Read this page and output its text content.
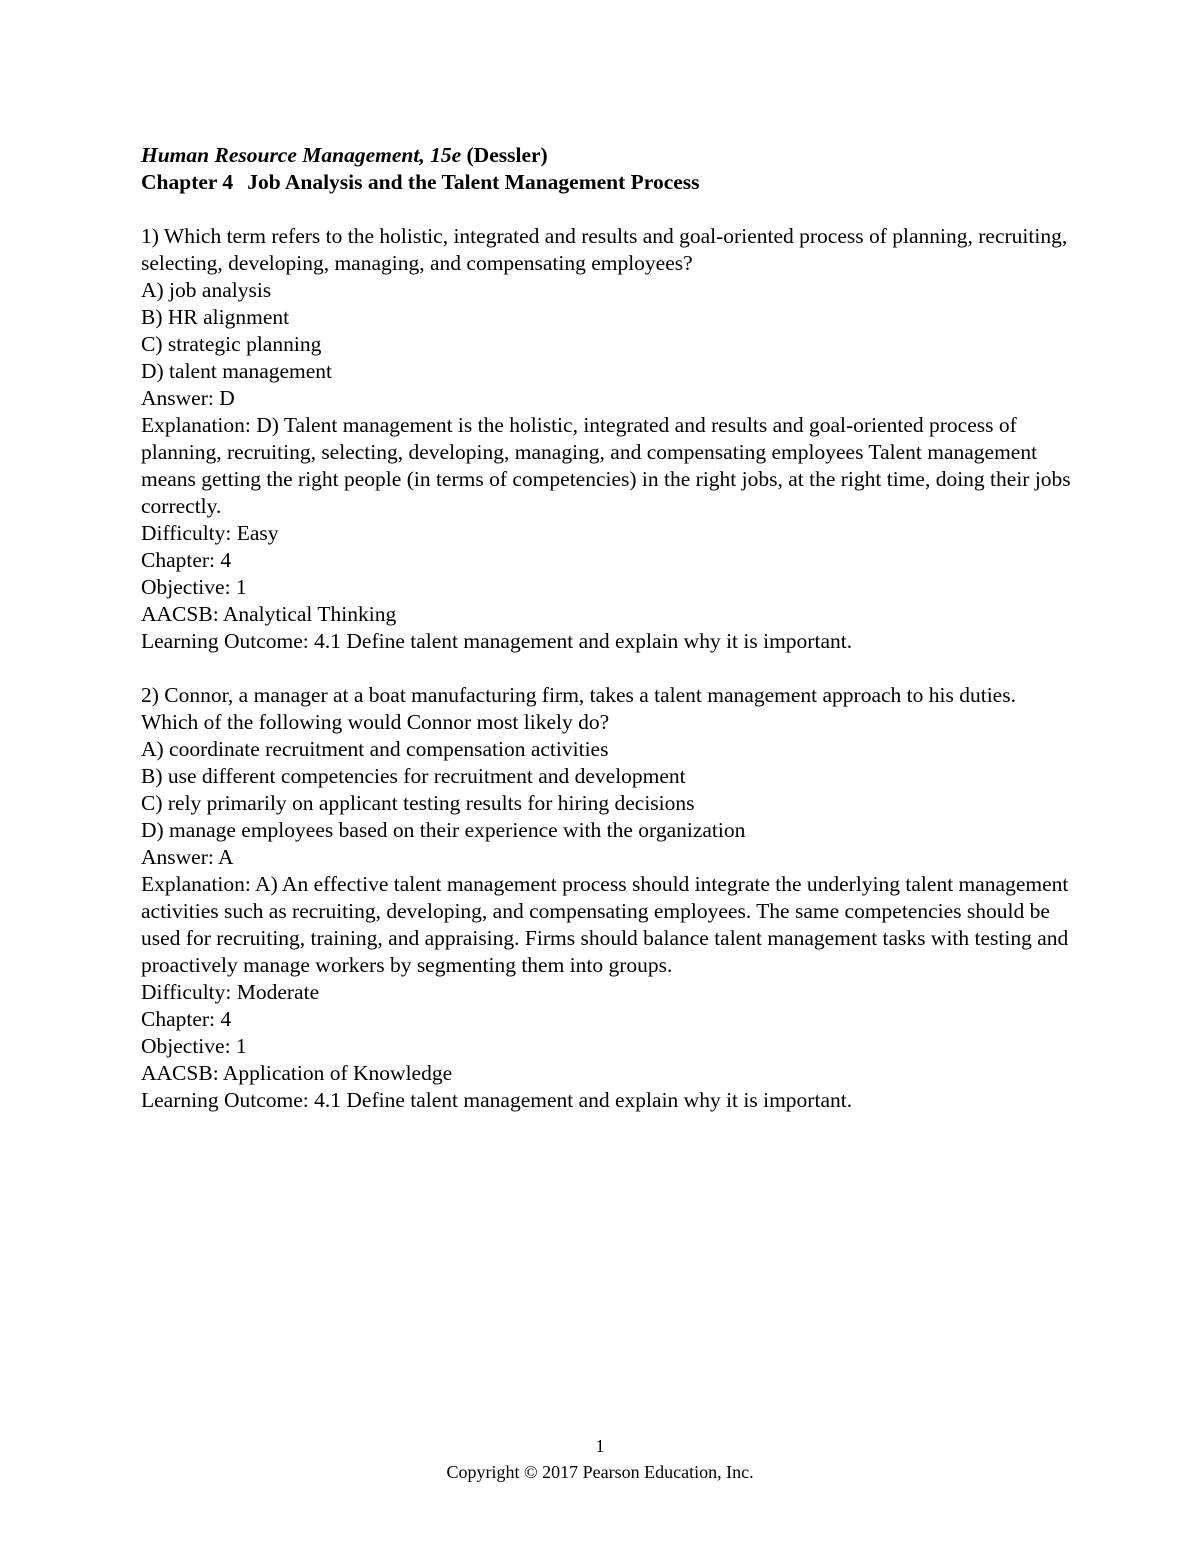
Human Resource Management, 15e (Dessler)
Chapter 4 Job Analysis and the Talent Management Process
1) Which term refers to the holistic, integrated and results and goal-oriented process of planning, recruiting, selecting, developing, managing, and compensating employees?
A) job analysis
B) HR alignment
C) strategic planning
D) talent management
Answer: D
Explanation: D) Talent management is the holistic, integrated and results and goal-oriented process of planning, recruiting, selecting, developing, managing, and compensating employees Talent management means getting the right people (in terms of competencies) in the right jobs, at the right time, doing their jobs correctly.
Difficulty: Easy
Chapter: 4
Objective: 1
AACSB: Analytical Thinking
Learning Outcome: 4.1 Define talent management and explain why it is important.
2) Connor, a manager at a boat manufacturing firm, takes a talent management approach to his duties. Which of the following would Connor most likely do?
A) coordinate recruitment and compensation activities
B) use different competencies for recruitment and development
C) rely primarily on applicant testing results for hiring decisions
D) manage employees based on their experience with the organization
Answer: A
Explanation: A) An effective talent management process should integrate the underlying talent management activities such as recruiting, developing, and compensating employees. The same competencies should be used for recruiting, training, and appraising. Firms should balance talent management tasks with testing and proactively manage workers by segmenting them into groups.
Difficulty: Moderate
Chapter: 4
Objective: 1
AACSB: Application of Knowledge
Learning Outcome: 4.1 Define talent management and explain why it is important.
1
Copyright © 2017 Pearson Education, Inc.
